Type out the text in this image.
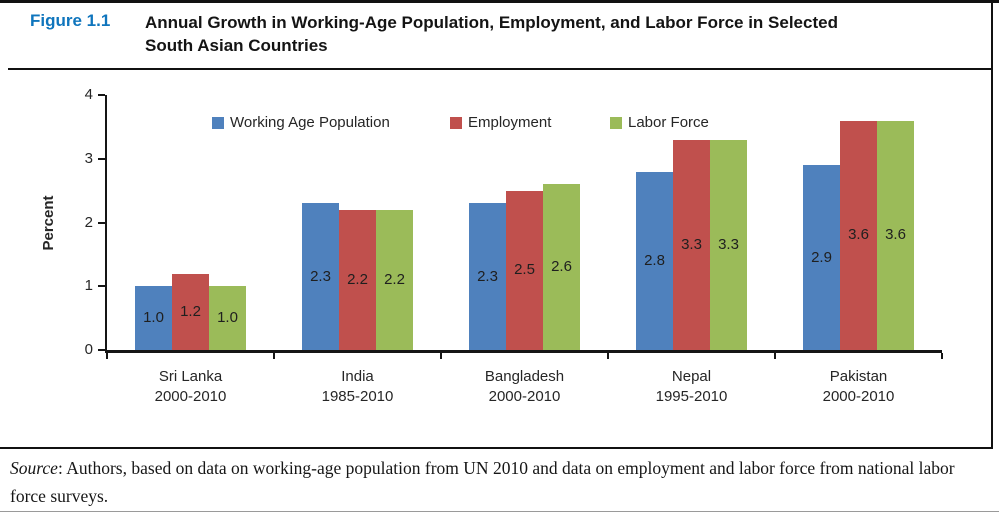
Figure 1.1 Annual Growth in Working-Age Population, Employment, and Labor Force in Selected South Asian Countries
Working Age Population	Employment	Labor Force
Percent
0
1
2
3
4
1.0
2.3	2.3
2.8	2.9
1.2
2.2
2.5
3.3
3.6
1.0
2.2
2.6
3.3
3.6
Sri Lanka
2000-2010
India
1985-2010
Bangladesh
2000-2010
Nepal
1995-2010
Pakistan
2000-2010
Source: Authors, based on data on working-age population from UN 2010 and data on employment and labor force from national labor force surveys.
